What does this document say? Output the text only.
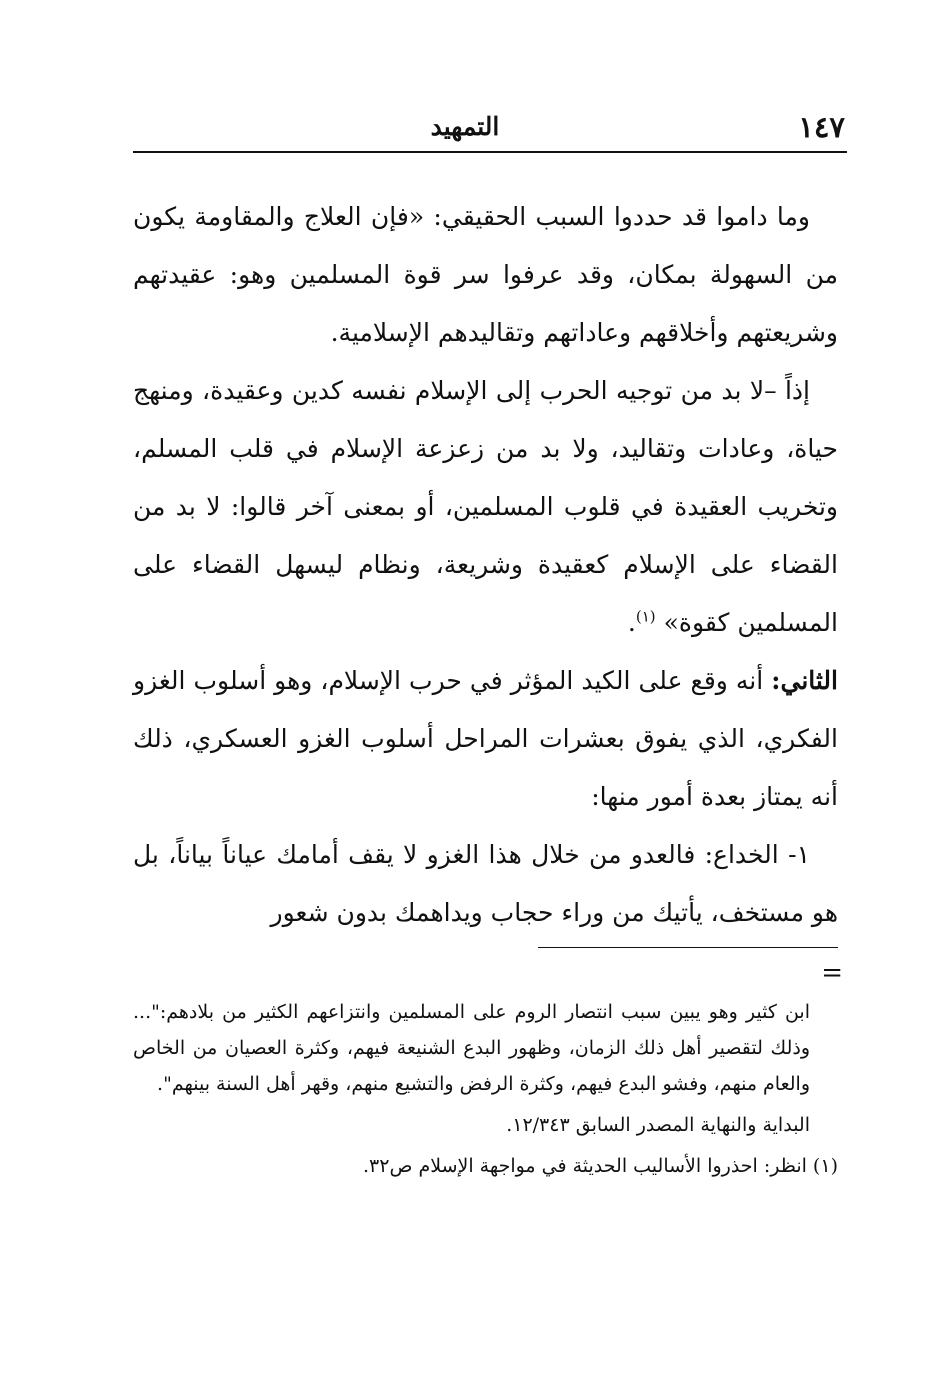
١٤٧
التمهيد

وما داموا قد حددوا السبب الحقيقي: «فإن العلاج والمقاومة يكون من السهولة بمكان، وقد عرفوا سر قوة المسلمين وهو: عقيدتهم وشريعتهم وأخلاقهم وعاداتهم وتقاليدهم الإسلامية.

إذاً –لا بد من توجيه الحرب إلى الإسلام نفسه كدين وعقيدة، ومنهج حياة، وعادات وتقاليد، ولا بد من زعزعة الإسلام في قلب المسلم، وتخريب العقيدة في قلوب المسلمين، أو بمعنى آخر قالوا: لا بد من القضاء على الإسلام كعقيدة وشريعة، ونظام ليسهل القضاء على المسلمين كقوة» $^{(١)}$.

الثاني: أنه وقع على الكيد المؤثر في حرب الإسلام، وهو أسلوب الغزو الفكري، الذي يفوق بعشرات المراحل أسلوب الغزو العسكري، ذلك أنه يمتاز بعدة أمور منها:

١- الخداع: فالعدو من خلال هذا الغزو لا يقف أمامك عياناً بياناً، بل هو مستخف، يأتيك من وراء حجاب ويداهمك بدون شعور

=

ابن كثير وهو يبين سبب انتصار الروم على المسلمين وانتزاعهم الكثير من بلادهم:"... وذلك لتقصير أهل ذلك الزمان، وظهور البدع الشنيعة فيهم، وكثرة العصيان من الخاص والعام منهم، وفشو البدع فيهم، وكثرة الرفض والتشيع منهم، وقهر أهل السنة بينهم".

البداية والنهاية المصدر السابق ١٢/٣٤٣.

(١) انظر: احذروا الأساليب الحديثة في مواجهة الإسلام ص٣٢.
